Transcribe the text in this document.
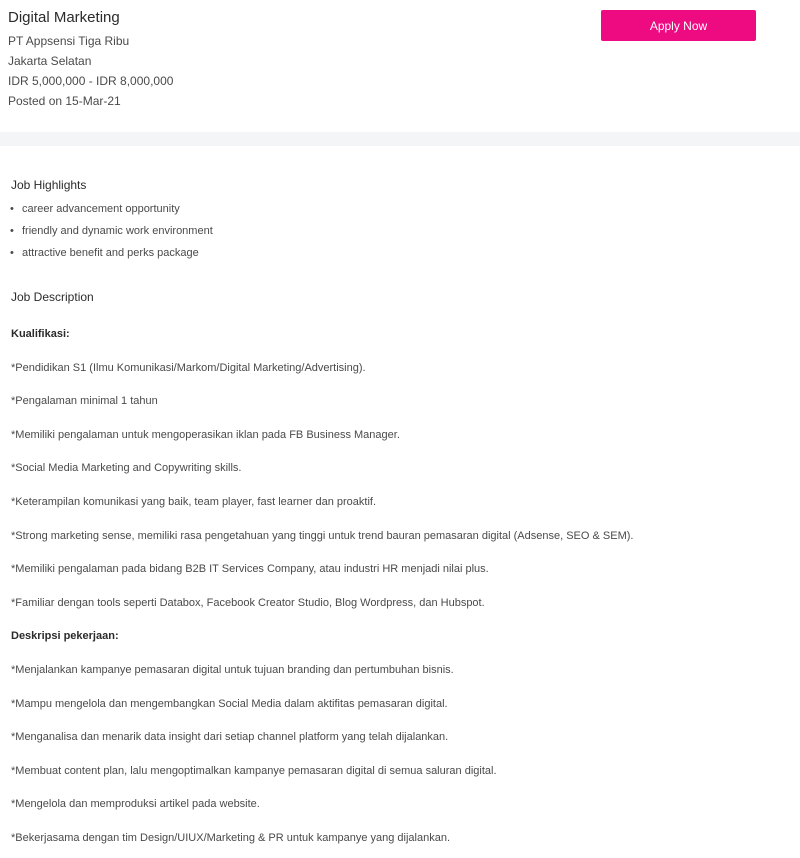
Digital Marketing
PT Appsensi Tiga Ribu
Jakarta Selatan
IDR 5,000,000 - IDR 8,000,000
Posted on 15-Mar-21
Apply Now
Job Highlights
• career advancement opportunity
• friendly and dynamic work environment
• attractive benefit and perks package
Job Description
Kualifikasi:
*Pendidikan S1 (Ilmu Komunikasi/Markom/Digital Marketing/Advertising).
*Pengalaman minimal 1 tahun
*Memiliki pengalaman untuk mengoperasikan iklan pada FB Business Manager.
*Social Media Marketing and Copywriting skills.
*Keterampilan komunikasi yang baik, team player, fast learner dan proaktif.
*Strong marketing sense, memiliki rasa pengetahuan yang tinggi untuk trend bauran pemasaran digital (Adsense, SEO & SEM).
*Memiliki pengalaman pada bidang B2B IT Services Company, atau industri HR menjadi nilai plus.
*Familiar dengan tools seperti Databox, Facebook Creator Studio, Blog Wordpress, dan Hubspot.
Deskripsi pekerjaan:
*Menjalankan kampanye pemasaran digital untuk tujuan branding dan pertumbuhan bisnis.
*Mampu mengelola dan mengembangkan Social Media dalam aktifitas pemasaran digital.
*Menganalisa dan menarik data insight dari setiap channel platform yang telah dijalankan.
*Membuat content plan, lalu mengoptimalkan kampanye pemasaran digital di semua saluran digital.
*Mengelola dan memproduksi artikel pada website.
*Bekerjasama dengan tim Design/UIUX/Marketing & PR untuk kampanye yang dijalankan.
